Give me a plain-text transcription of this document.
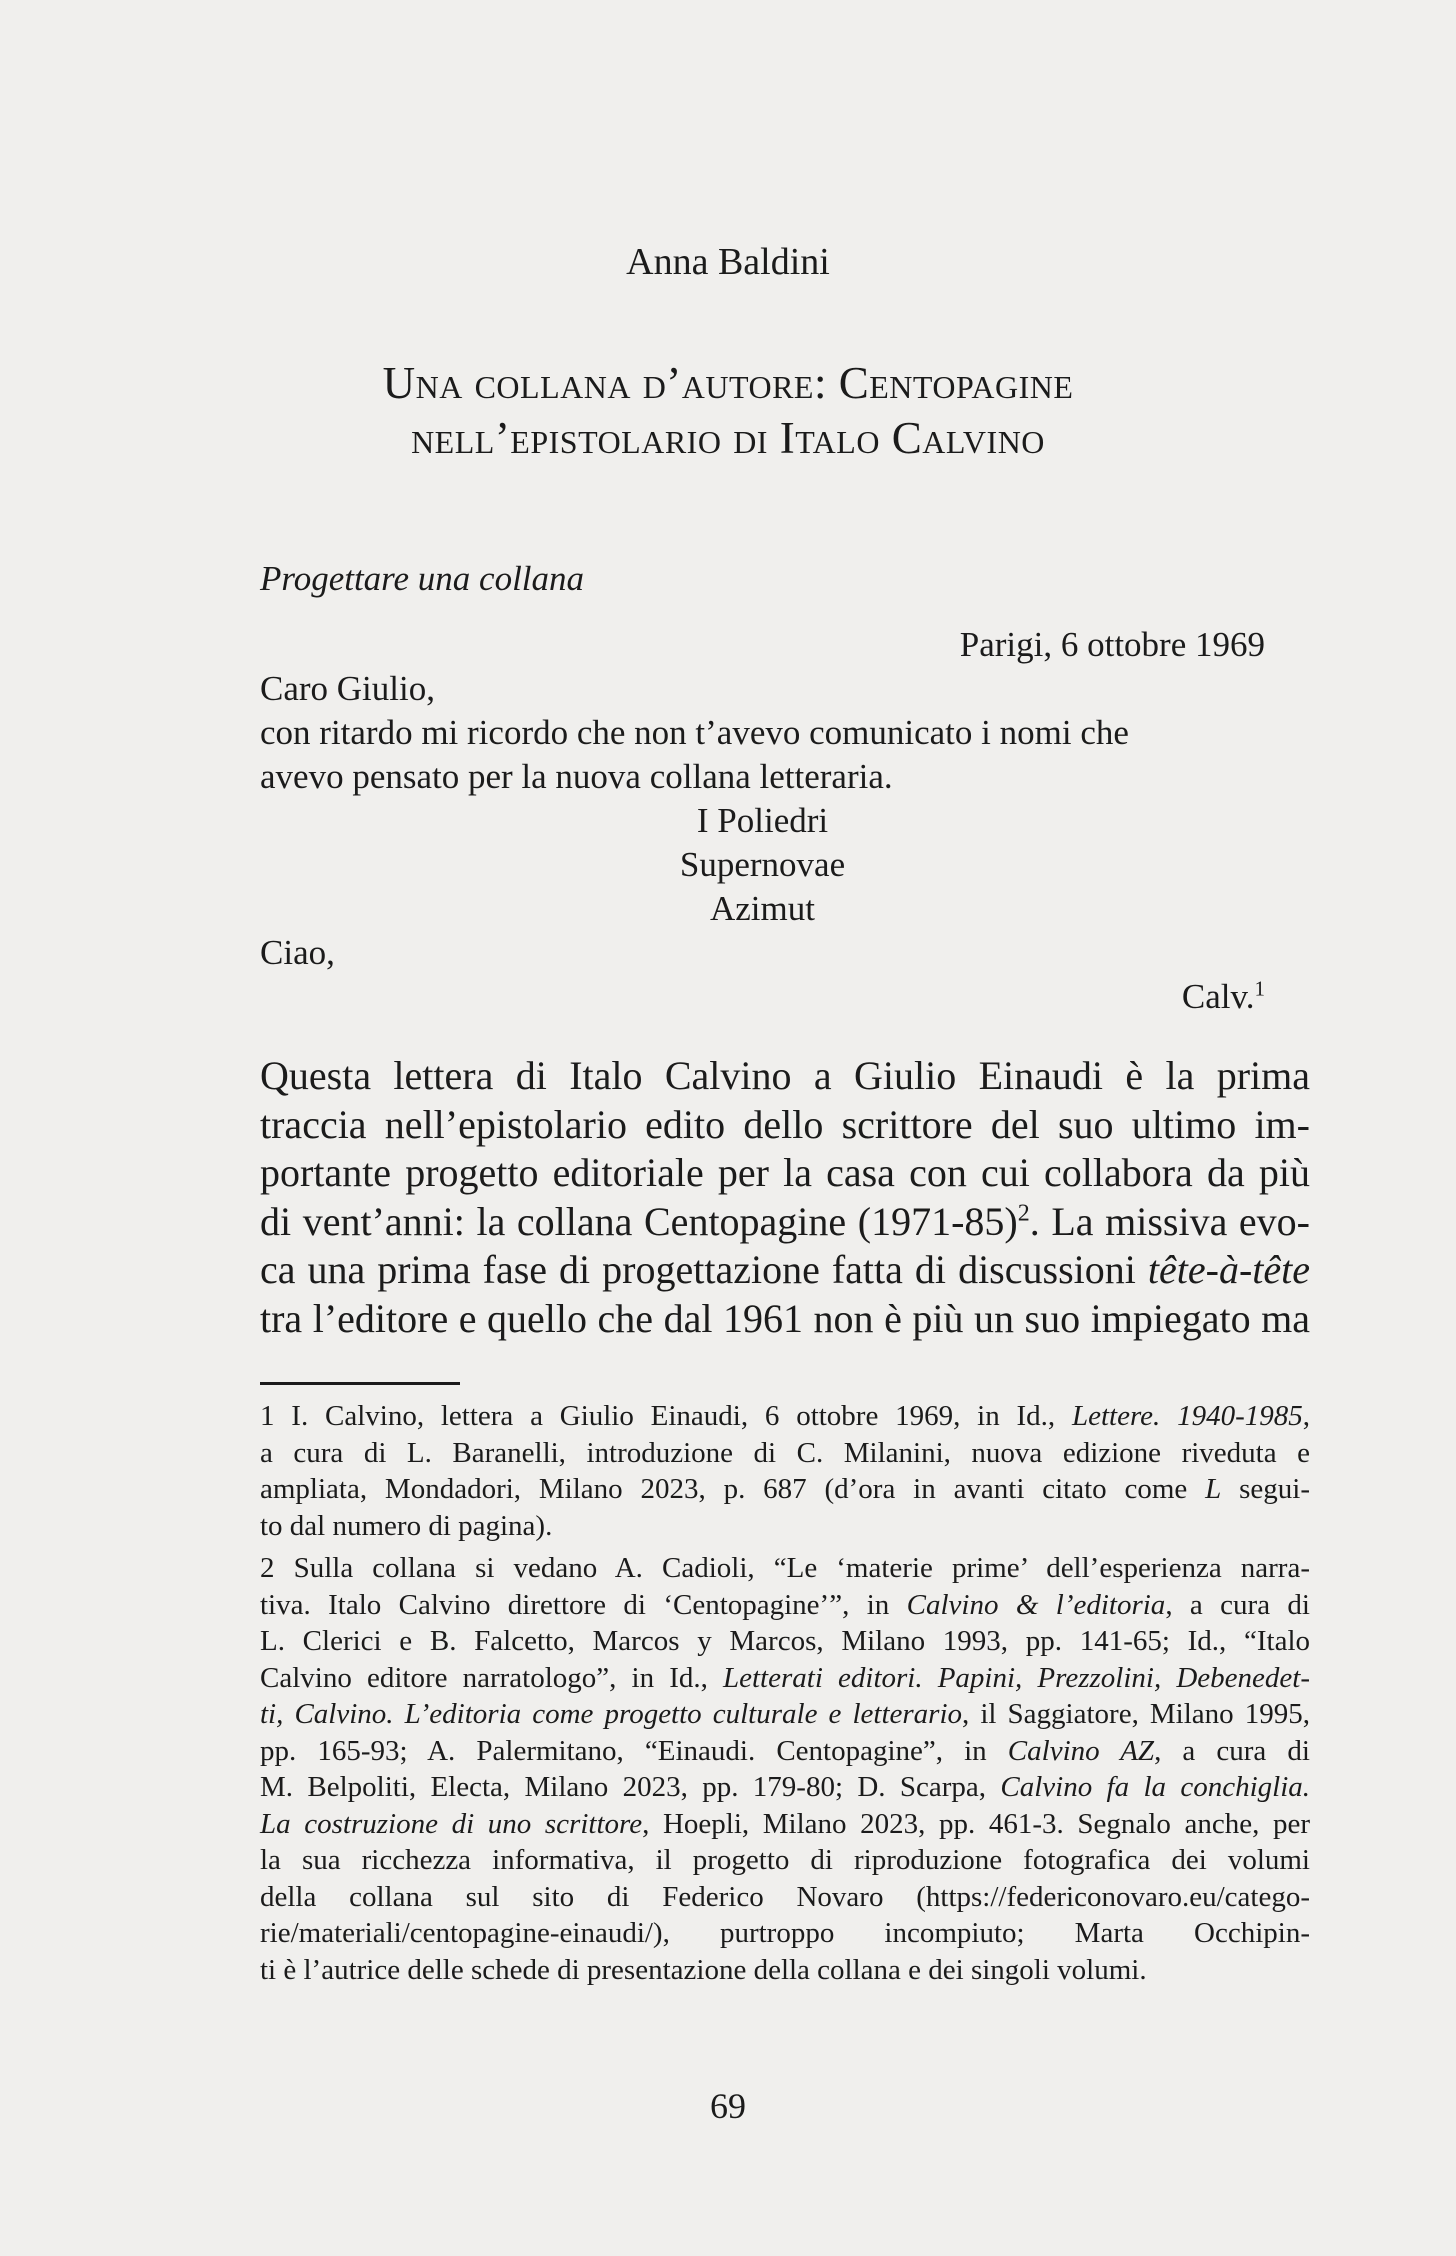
Anna Baldini
Una collana d’autore: Centopagine
nell’epistolario di Italo Calvino
Progettare una collana
Parigi, 6 ottobre 1969
Caro Giulio,
con ritardo mi ricordo che non t’avevo comunicato i nomi che
avevo pensato per la nuova collana letteraria.
I Poliedri
Supernovae
Azimut
Ciao,
Calv.$^1$
Questa lettera di Italo Calvino a Giulio Einaudi è la prima
traccia nell’epistolario edito dello scrittore del suo ultimo im-
portante progetto editoriale per la casa con cui collabora da più
di vent’anni: la collana Centopagine (1971-85)$^2$. La missiva evo-
ca una prima fase di progettazione fatta di discussioni tête-à-tête
tra l’editore e quello che dal 1961 non è più un suo impiegato ma
1 I. Calvino, lettera a Giulio Einaudi, 6 ottobre 1969, in Id., Lettere. 1940-1985,
a cura di L. Baranelli, introduzione di C. Milanini, nuova edizione riveduta e
ampliata, Mondadori, Milano 2023, p. 687 (d’ora in avanti citato come L segui-
to dal numero di pagina).
2 Sulla collana si vedano A. Cadioli, “Le ‘materie prime’ dell’esperienza narra-
tiva. Italo Calvino direttore di ‘Centopagine’”, in Calvino & l’editoria, a cura di
L. Clerici e B. Falcetto, Marcos y Marcos, Milano 1993, pp. 141-65; Id., “Italo
Calvino editore narratologo”, in Id., Letterati editori. Papini, Prezzolini, Debenedet-
ti, Calvino. L’editoria come progetto culturale e letterario, il Saggiatore, Milano 1995,
pp. 165-93; A. Palermitano, “Einaudi. Centopagine”, in Calvino AZ, a cura di
M. Belpoliti, Electa, Milano 2023, pp. 179-80; D. Scarpa, Calvino fa la conchiglia.
La costruzione di uno scrittore, Hoepli, Milano 2023, pp. 461-3. Segnalo anche, per
la sua ricchezza informativa, il progetto di riproduzione fotografica dei volumi
della collana sul sito di Federico Novaro (https://federiconovaro.eu/catego-
rie/materiali/centopagine-einaudi/), purtroppo incompiuto; Marta Occhipin-
ti è l’autrice delle schede di presentazione della collana e dei singoli volumi.
69
